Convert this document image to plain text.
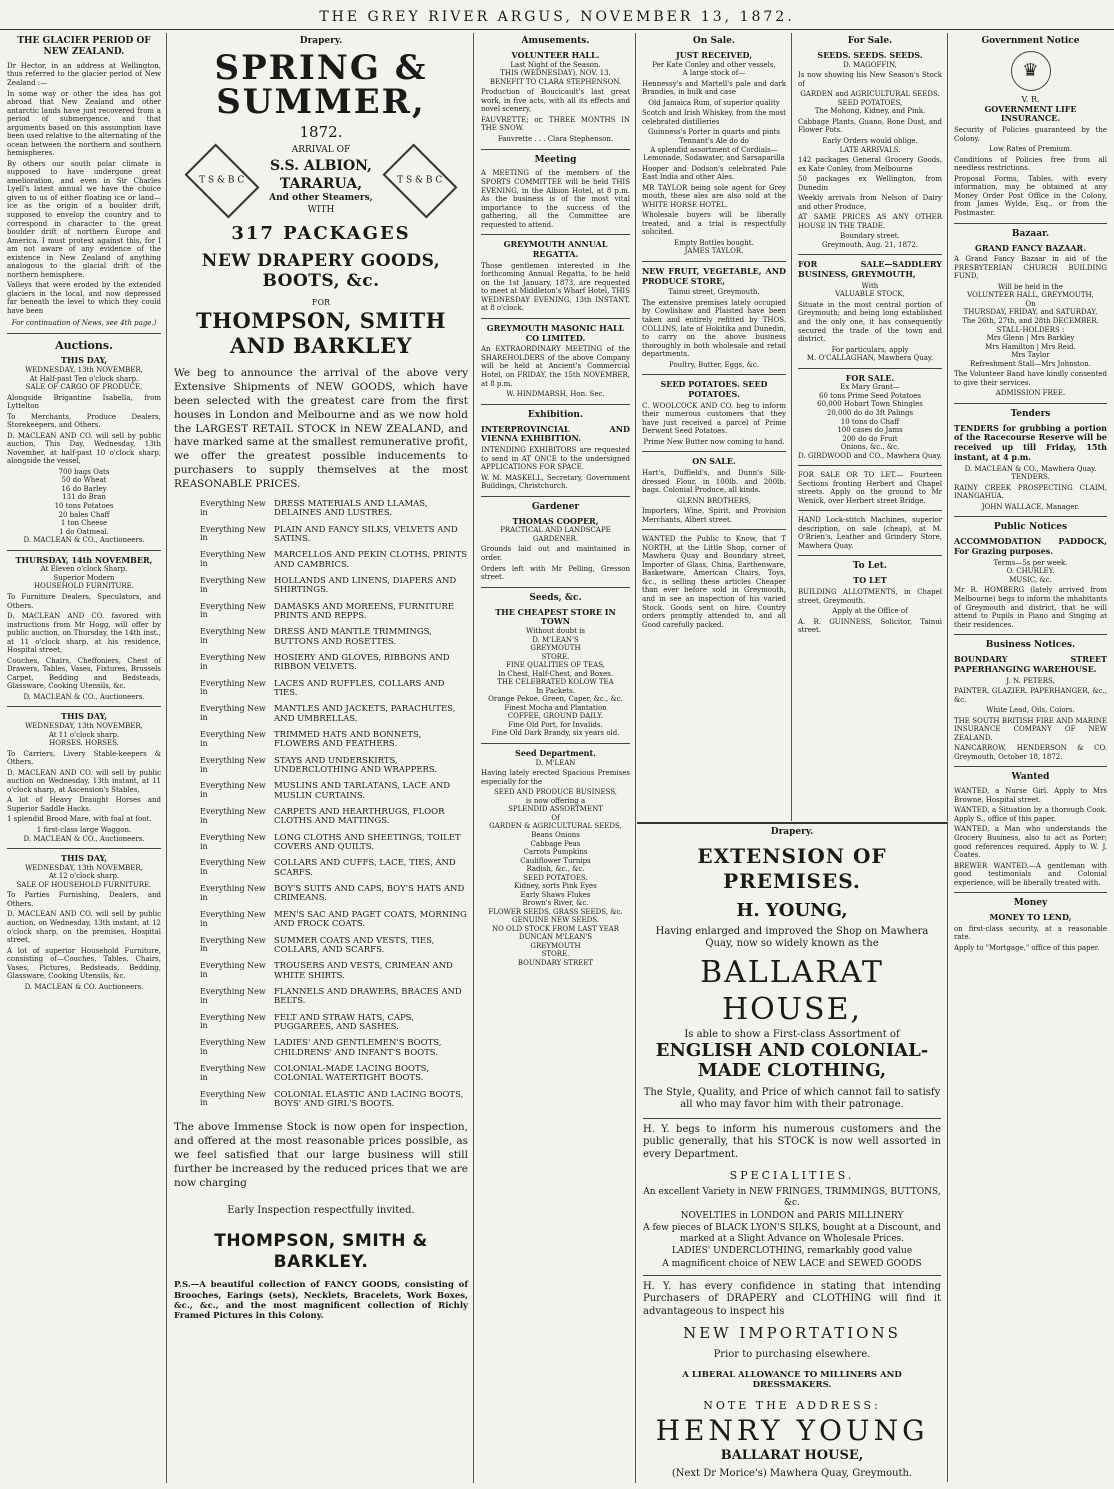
THE GREY RIVER ARGUS, NOVEMBER 13, 1872.
THE GLACIER PERIOD OF NEW ZEALAND.

Dr Hector, in an address at Wellington, thus referred to the glacier period of New Zealand :—

In some way or other the idea has got abroad that New Zealand and other antarctic lands have just recovered from a period of submergence, and that arguments based on this assumption have been used relative to the alternating of the ocean between the northern and southern hemispheres.

By others our south polar climate is supposed to have undergone great amelioration, and even in Sir Charles Lyell's latest annual we have the choice given to us of either floating ice or land—ice as the origin of a boulder drift, supposed to envelop the country and to correspond in character to the great boulder drift of northern Europe and America. I must protest against this, for I am not aware of any evidence of the existence in New Zealand of anything analogous to the glacial drift of the northern hemisphere.

Valleys that were eroded by the extended glaciers in the local, and now depressed far beneath the level to which they could have been

For continuation of News, see 4th page.)
Auctions.
THIS DAY,
WEDNESDAY, 13th NOVEMBER,
At Half-past Ten o'clock sharp.
SALE OF CARGO OF PRODUCE,
Alongside Brigantine Isabella, from Lyttelton
To Merchants, Produce Dealers, Storekeepers, and Others.
D. MACLEAN AND CO. will sell by public auction, This Day, Wednesday, 13th November, at half-past 10 o'clock sharp, alongside the vessel,
700 bags Oats
50 do Wheat
16 do Barley
131 do Bran
10 tons Potatoes
20 bales Chaff
1 ton Cheese
1 do Oatmeal.
D. MACLEAN & CO., Auctioneers.
THURSDAY, 14th NOVEMBER,
At Eleven o'clock Sharp.
Superior Modern
HOUSEHOLD FURNITURE.
To Furniture Dealers, Speculators, and Others.
D. MACLEAN AND CO. favored with instructions from Mr Hogg, will offer by public auction, on Thursday, the 14th inst., at 11 o'clock sharp, at his residence, Hospital street,
Couches, Chairs, Cheffoniers, Chest of Drawers, Tables, Vases, Fixtures, Brussels Carpet, Bedding and Bedsteads, Glassware, Cooking Utensils, &c.
D. MACLEAN & CO., Auctioneers.
THIS DAY,
WEDNESDAY, 13th NOVEMBER,
At 11 o'clock sharp.
HORSES. HORSES.
To Carriers, Livery Stable-keepers & Others.
D. MACLEAN AND CO. will sell by public auction on Wednesday, 13th instant, at 11 o'clock sharp, at Ascension's Stables,
A lot of Heavy Draught Horses and Superior Saddle Hacks.
1 splendid Brood Mare, with foal at foot.
1 first-class large Waggon.
D. MACLEAN & CO., Auctioneers.
THIS DAY,
WEDNESDAY, 13th NOVEMBER,
At 12 o'clock sharp.
SALE OF HOUSEHOLD FURNITURE.
To Parties Furnishing, Dealers, and Others.
D. MACLEAN AND CO. will sell by public auction, on Wednesday, 13th instant, at 12 o'clock sharp, on the premises, Hospital street,
A lot of superior Household Furniture, consisting of—Couches, Tables, Chairs, Vases, Pictures, Bedsteads, Bedding, Glassware, Cooking Utensils, &c.
D. MACLEAN & CO. Auctioneers.
Drapery.
SPRING & SUMMER,
1872.
T S & B C
ARRIVAL OF
S.S. ALBION,
TARARUA,
And other Steamers,
WITH
T S & B C
317 PACKAGES
NEW DRAPERY GOODS, BOOTS, &c.
FOR
THOMPSON, SMITH AND BARKLEY
We beg to announce the arrival of the above very Extensive Shipments of NEW GOODS, which have been selected with the greatest care from the first houses in London and Melbourne and as we now hold the LARGEST RETAIL STOCK in NEW ZEALAND, and have marked same at the smallest remunerative profit, we offer the greatest possible inducements to purchasers to supply themselves at the most REASONABLE PRICES.
Everything New in
DRESS MATERIALS AND LLAMAS, DELAINES AND LUSTRES.
Everything New in
PLAIN AND FANCY SILKS, VELVETS AND SATINS.
Everything New in
MARCELLOS AND PEKIN CLOTHS, PRINTS AND CAMBRICS.
Everything New in
HOLLANDS AND LINENS, DIAPERS AND SHIRTINGS.
Everything New in
DAMASKS AND MOREENS, FURNITURE PRINTS AND REPPS.
Everything New in
DRESS AND MANTLE TRIMMINGS, BUTTONS AND ROSETTES.
Everything New in
HOSIERY AND GLOVES, RIBBONS AND RIBBON VELVETS.
Everything New in
LACES AND RUFFLES, COLLARS AND TIES.
Everything New in
MANTLES AND JACKETS, PARACHUTES, AND UMBRELLAS.
Everything New in
TRIMMED HATS AND BONNETS, FLOWERS AND FEATHERS.
Everything New in
STAYS AND UNDERSKIRTS, UNDERCLOTHING AND WRAPPERS.
Everything New in
MUSLINS AND TARLATANS, LACE AND MUSLIN CURTAINS.
Everything New in
CARPETS AND HEARTHRUGS, FLOOR CLOTHS AND MATTINGS.
Everything New in
LONG CLOTHS AND SHEETINGS, TOILET COVERS AND QUILTS.
Everything New in
COLLARS AND CUFFS, LACE, TIES, AND SCARFS.
Everything New in
BOY'S SUITS AND CAPS, BOY'S HATS AND CRIMEANS.
Everything New in
MEN'S SAC AND PAGET COATS, MORNING AND FROCK COATS.
Everything New in
SUMMER COATS AND VESTS, TIES, COLLARS, AND SCARFS.
Everything New in
TROUSERS AND VESTS, CRIMEAN AND WHITE SHIRTS.
Everything New in
FLANNELS AND DRAWERS, BRACES AND BELTS.
Everything New in
FELT AND STRAW HATS, CAPS, PUGGAREES, AND SASHES.
Everything New in
LADIES' AND GENTLEMEN'S BOOTS, CHILDRENS' AND INFANT'S BOOTS.
Everything New in
COLONIAL-MADE LACING BOOTS, COLONIAL WATERTIGHT BOOTS.
Everything New in
COLONIAL ELASTIC AND LACING BOOTS, BOYS' AND GIRL'S BOOTS.
The above Immense Stock is now open for inspection, and offered at the most reasonable prices possible, as we feel satisfied that our large business will still further be increased by the reduced prices that we are now charging
Early Inspection respectfully invited.
THOMPSON, SMITH & BARKLEY.
P.S.—A beautiful collection of FANCY GOODS, consisting of Brooches, Earings (sets), Necklets, Bracelets, Work Boxes, &c., &c., and the most magnificent collection of Richly Framed Pictures in this Colony.
Amusements.
VOLUNTEER HALL.
Last Night of the Season.
THIS (WEDNESDAY), NOV. 13.
BENEFIT TO CLARA STEPHENSON.
Production of Boucicault's last great work, in five acts, with all its effects and novel scenery,
FAUVRETTE; or, THREE MONTHS IN THE SNOW.
Fauvrette . . . Clara Stephenson.
Meeting

A MEETING of the members of the SPORTS COMMITTEE will be held THIS EVENING, in the Albion Hotel, at 8 p.m. As the business is of the most vital importance to the success of the gathering, all the Committee are requested to attend.

GREYMOUTH ANNUAL REGATTA.
Those gentlemen interested in the forthcoming Annual Regatta, to be held on the 1st January, 1873, are requested to meet at Middleton's Wharf Hotel, THIS WEDNESDAY EVENING, 13th INSTANT, at 8 o'clock.
GREYMOUTH MASONIC HALL CO LIMITED.
An EXTRAORDINARY MEETING of the SHAREHOLDERS of the above Company will be held at Ancient's Commercial Hotel, on FRIDAY, the 15th NOVEMBER, at 8 p.m.
W. HINDMARSH, Hon. Sec.
Exhibition.
INTERPROVINCIAL AND VIENNA EXHIBITION.
INTENDING EXHIBITORS are requested to send in AT ONCE to the undersigned APPLICATIONS FOR SPACE.
W. M. MASKELL, Secretary, Government Buildings, Christchurch.
Gardener
THOMAS COOPER,
PRACTICAL AND LANDSCAPE GARDENER.
Grounds laid out and maintained in order.
Orders left with Mr Pelling, Gresson street.
Seeds, &c.
THE CHEAPEST STORE IN TOWN
Without doubt is
D. M'LEAN'S
GREYMOUTH
STORE.
FINE QUALITIES OF TEAS,
In Chest, Half-Chest, and Boxes.
THE CELEBRATED KOLOW TEA
In Packets.
Orange Pekoe, Green, Caper, &c., &c.
Finest Mocha and Plantation
COFFEE, GROUND DAILY.
Fine Old Port, for Invalids.
Fine Old Dark Brandy, six years old.
Seed Department.
D. M'LEAN
Having lately erected Spacious Premises especially for the
SEED AND PRODUCE BUSINESS,
is now offering a
SPLENDID ASSORTMENT
Of
GARDEN & AGRICULTURAL SEEDS,
Beans Onions
Cabbage Peas
Carrots Pumpkins
Cauliflower Turnips
Radish, &c., &c.
SEED POTATOES.
Kidney, sorts Pink Eyes
Early Shaws Flukes
Brown's River, &c.
FLOWER SEEDS, GRASS SEEDS, &c.
GENUINE NEW SEEDS.
NO OLD STOCK FROM LAST YEAR
DUNCAN M'LEAN'S
GREYMOUTH
STORE.
BOUNDARY STREET
On Sale.
JUST RECEIVED,
Per Kate Conley and other vessels,
A large stock of—
Hennessy's and Martell's pale and dark Brandies, in bulk and case
Old Jamaica Rum, of superior quality
Scotch and Irish Whiskey, from the most celebrated distilleries
Guinness's Porter in quarts and pints
Tennant's Ale do do
A splendid assortment of Cordials—
Lemonade, Sodawater, and Sarsaparilla
Hooper and Dodson's celebrated Pale East India and other Ales.
MR TAYLOR being sole agent for Grey mouth, these ales are also sold at the WHITE HORSE HOTEL.
Wholesale buyers will be liberally treated, and a trial is respectfully solicited.
Empty Bottles bought.
JAMES TAYLOR.
NEW FRUIT, VEGETABLE, AND PRODUCE STORE,
Tainui street, Greymouth.
The extensive premises lately occupied by Cowlishaw and Plaisted have been taken and entirely refitted by THOS. COLLINS, late of Hokitika and Dunedin, to carry on the above business thoroughly in both wholesale and retail departments.
Poultry, Butter, Eggs, &c.
SEED POTATOES. SEED POTATOES.
C. WOOLCOCK AND CO. beg to inform their numerous customers that they have just received a parcel of Prime Derwent Seed Potatoes.
Prime New Butter now coming to hand.
ON SALE.
Hart's, Duffield's, and Dunn's Silk-dressed Flour, in 100lb. and 200lb. bags. Colonial Produce, all kinds.
GLENN BROTHERS,
Importers, Wine, Spirit, and Provision Merchants, Albert street.

WANTED the Public to Know, that T NORTH, at the Little Shop, corner of Mawhera Quay and Boundary street, Importer of Glass, China, Earthenware, Basketware, American Chairs, Toys, &c., is selling these articles Cheaper than ever before sold in Greymouth, and in see an inspection of his varied Stock. Goods sent on hire. Country orders promptly attended to, and all Good carefully packed.

For Sale.
SEEDS. SEEDS. SEEDS.
D. MAGOFFIN,
Is now showing his New Season's Stock of
GARDEN and AGRICULTURAL SEEDS.
SEED POTATOES,
The Mohong, Kidney, and Pink.
Cabbage Plants, Guano, Bone Dust, and Flower Pots.
Early Orders would oblige.
LATE ARRIVALS.
142 packages General Grocery Goods, ex Kate Conley, from Melbourne
50 packages ex Wellington, from Dunedin
Weekly arrivals from Nelson of Dairy and other Produce,
AT SAME PRICES AS ANY OTHER HOUSE IN THE TRADE.
Boundary street.
Greymouth, Aug. 21, 1872.
FOR SALE—SADDLERY BUSINESS, GREYMOUTH,
With
VALUABLE STOCK,
Situate in the most central portion of Greymouth; and being long established and the only one, it has consequently secured the trade of the town and district.
For particulars, apply
M. O'CALLAGHAN, Mawhera Quay.
FOR SALE.
Ex Mary Grant—
60 tons Prime Seed Potatoes
60,000 Hobart Town Shingles
20,000 do do 3ft Palings
10 tons do Chaff
100 cases do Jams
200 do do Fruit
Onions, &c., &c.
D. GIRDWOOD and CO., Mawhera Quay.

FOR SALE OR TO LET.— Fourteen Sections fronting Herbert and Chapel streets. Apply on the ground to Mr Wenick, over Herbert street Bridge.

HAND Lock-stitch Machines, superior description, on sale (cheap), at M. O'Brien's, Leather and Grindery Store, Mawhera Quay.

To Let.
TO LET
BUILDING ALLOTMENTS, in Chapel street, Greymouth.
Apply at the Office of
A. R. GUINNESS, Solicitor, Tainui street.
Drapery.
EXTENSION OF PREMISES.
H. YOUNG,
Having enlarged and improved the Shop on Mawhera Quay, now so widely known as the
BALLARAT HOUSE,
Is able to show a First-class Assortment of
ENGLISH AND COLONIAL-MADE CLOTHING,
The Style, Quality, and Price of which cannot fail to satisfy all who may favor him with their patronage.
H. Y. begs to inform his numerous customers and the public generally, that his STOCK is now well assorted in every Department.
SPECIALITIES.
An excellent Variety in NEW FRINGES, TRIMMINGS, BUTTONS, &c.
NOVELTIES in LONDON and PARIS MILLINERY
A few pieces of BLACK LYON'S SILKS, bought at a Discount, and marked at a Slight Advance on Wholesale Prices.
LADIES' UNDERCLOTHING, remarkably good value
A magnificent choice of NEW LACE and SEWED GOODS
H. Y. has every confidence in stating that intending Purchasers of DRAPERY and CLOTHING will find it advantageous to inspect his
NEW IMPORTATIONS
Prior to purchasing elsewhere.
A LIBERAL ALLOWANCE TO MILLINERS AND DRESSMAKERS.
NOTE THE ADDRESS:
HENRY YOUNG
BALLARAT HOUSE,
(Next Dr Morice's) Mawhera Quay, Greymouth.
Government Notice
♛
V. R.
GOVERNMENT LIFE INSURANCE.
Security of Policies guaranteed by the Colony.
Low Rates of Premium.
Conditions of Policies free from all needless restrictions.
Proposal Forms, Tables, with every information, may be obtained at any Money Order Post Office in the Colony, from James Wylde, Esq., or from the Postmaster.
Bazaar.
GRAND FANCY BAZAAR.
A Grand Fancy Bazaar in aid of the PRESBYTERIAN CHURCH BUILDING FUND,
Will be held in the
VOLUNTEER HALL, GREYMOUTH,
On
THURSDAY, FRIDAY, and SATURDAY,
The 26th, 27th, and 28th DECEMBER.
STALL-HOLDERS :
Mrs Glenn | Mrs Barkley
Mrs Hamilton | Mrs Reid.
Mrs Taylor
Refreshment Stall—Mrs Johnston.
The Volunteer Band have kindly consented to give their services.
ADMISSION FREE.
Tenders
TENDERS for grubbing a portion of the Racecourse Reserve will be received up till Friday, 15th instant, at 4 p.m.
D. MACLEAN & CO., Mawhera Quay.
TENDERS.
RAINY CREEK PROSPECTING CLAIM, INANGAHUA.
JOHN WALLACE, Manager.
Public Notices
ACCOMMODATION PADDOCK, For Grazing purposes.
Terms—5s per week.
O. CHURLEY.
MUSIC, &c.
Mr R. HOMBERG (lately arrived from Melbourne) begs to inform the inhabitants of Greymouth and district, that he will attend to Pupils in Piano and Singing at their residences.
Business Notices.
BOUNDARY STREET PAPERHANGING WAREHOUSE.
J. N. PETERS,
PAINTER, GLAZIER, PAPERHANGER, &c., &c.
White Lead, Oils, Colors.
THE SOUTH BRITISH FIRE AND MARINE INSURANCE COMPANY OF NEW ZEALAND.
NANCARROW, HENDERSON & CO. Greymouth, October 18, 1872.
Wanted
WANTED, a Nurse Girl. Apply to Mrs Browne, Hospital street.
WANTED, a Situation by a thorough Cook. Apply S., office of this paper.
WANTED, a Man who understands the Grocery Business, also to act as Porter; good references required. Apply to W. J. Coates.
BREWER WANTED.—A gentleman with good testimonials and Colonial experience, will be liberally treated with.
Money
MONEY TO LEND,
on first-class security, at a reasonable rate.
Apply to "Mortgage," office of this paper.
